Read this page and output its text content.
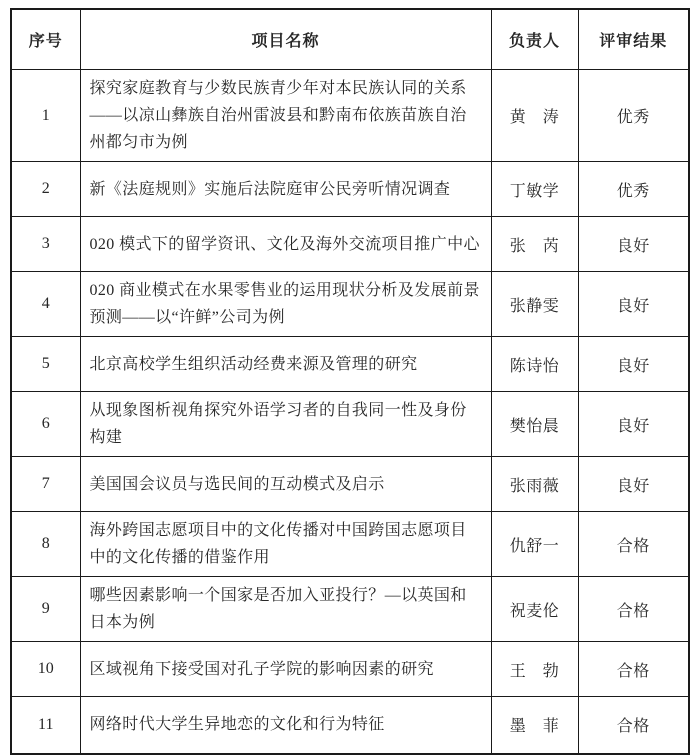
序号	项目名称	负责人	评审结果
1	探究家庭教育与少数民族青少年对本民族认同的关系——以凉山彝族自治州雷波县和黔南布依族苗族自治州都匀市为例	黄　涛	优秀
2	新《法庭规则》实施后法院庭审公民旁听情况调查	丁敏学	优秀
3	020 模式下的留学资讯、文化及海外交流项目推广中心	张　芮	良好
4	020 商业模式在水果零售业的运用现状分析及发展前景预测——以“许鲜”公司为例	张静雯	良好
5	北京高校学生组织活动经费来源及管理的研究	陈诗怡	良好
6	从现象图析视角探究外语学习者的自我同一性及身份构建	樊怡晨	良好
7	美国国会议员与选民间的互动模式及启示	张雨薇	良好
8	海外跨国志愿项目中的文化传播对中国跨国志愿项目中的文化传播的借鉴作用	仇舒一	合格
9	哪些因素影响一个国家是否加入亚投行？—以英国和日本为例	祝麦伦	合格
10	区域视角下接受国对孔子学院的影响因素的研究	王　勃	合格
11	网络时代大学生异地恋的文化和行为特征	墨　菲	合格
